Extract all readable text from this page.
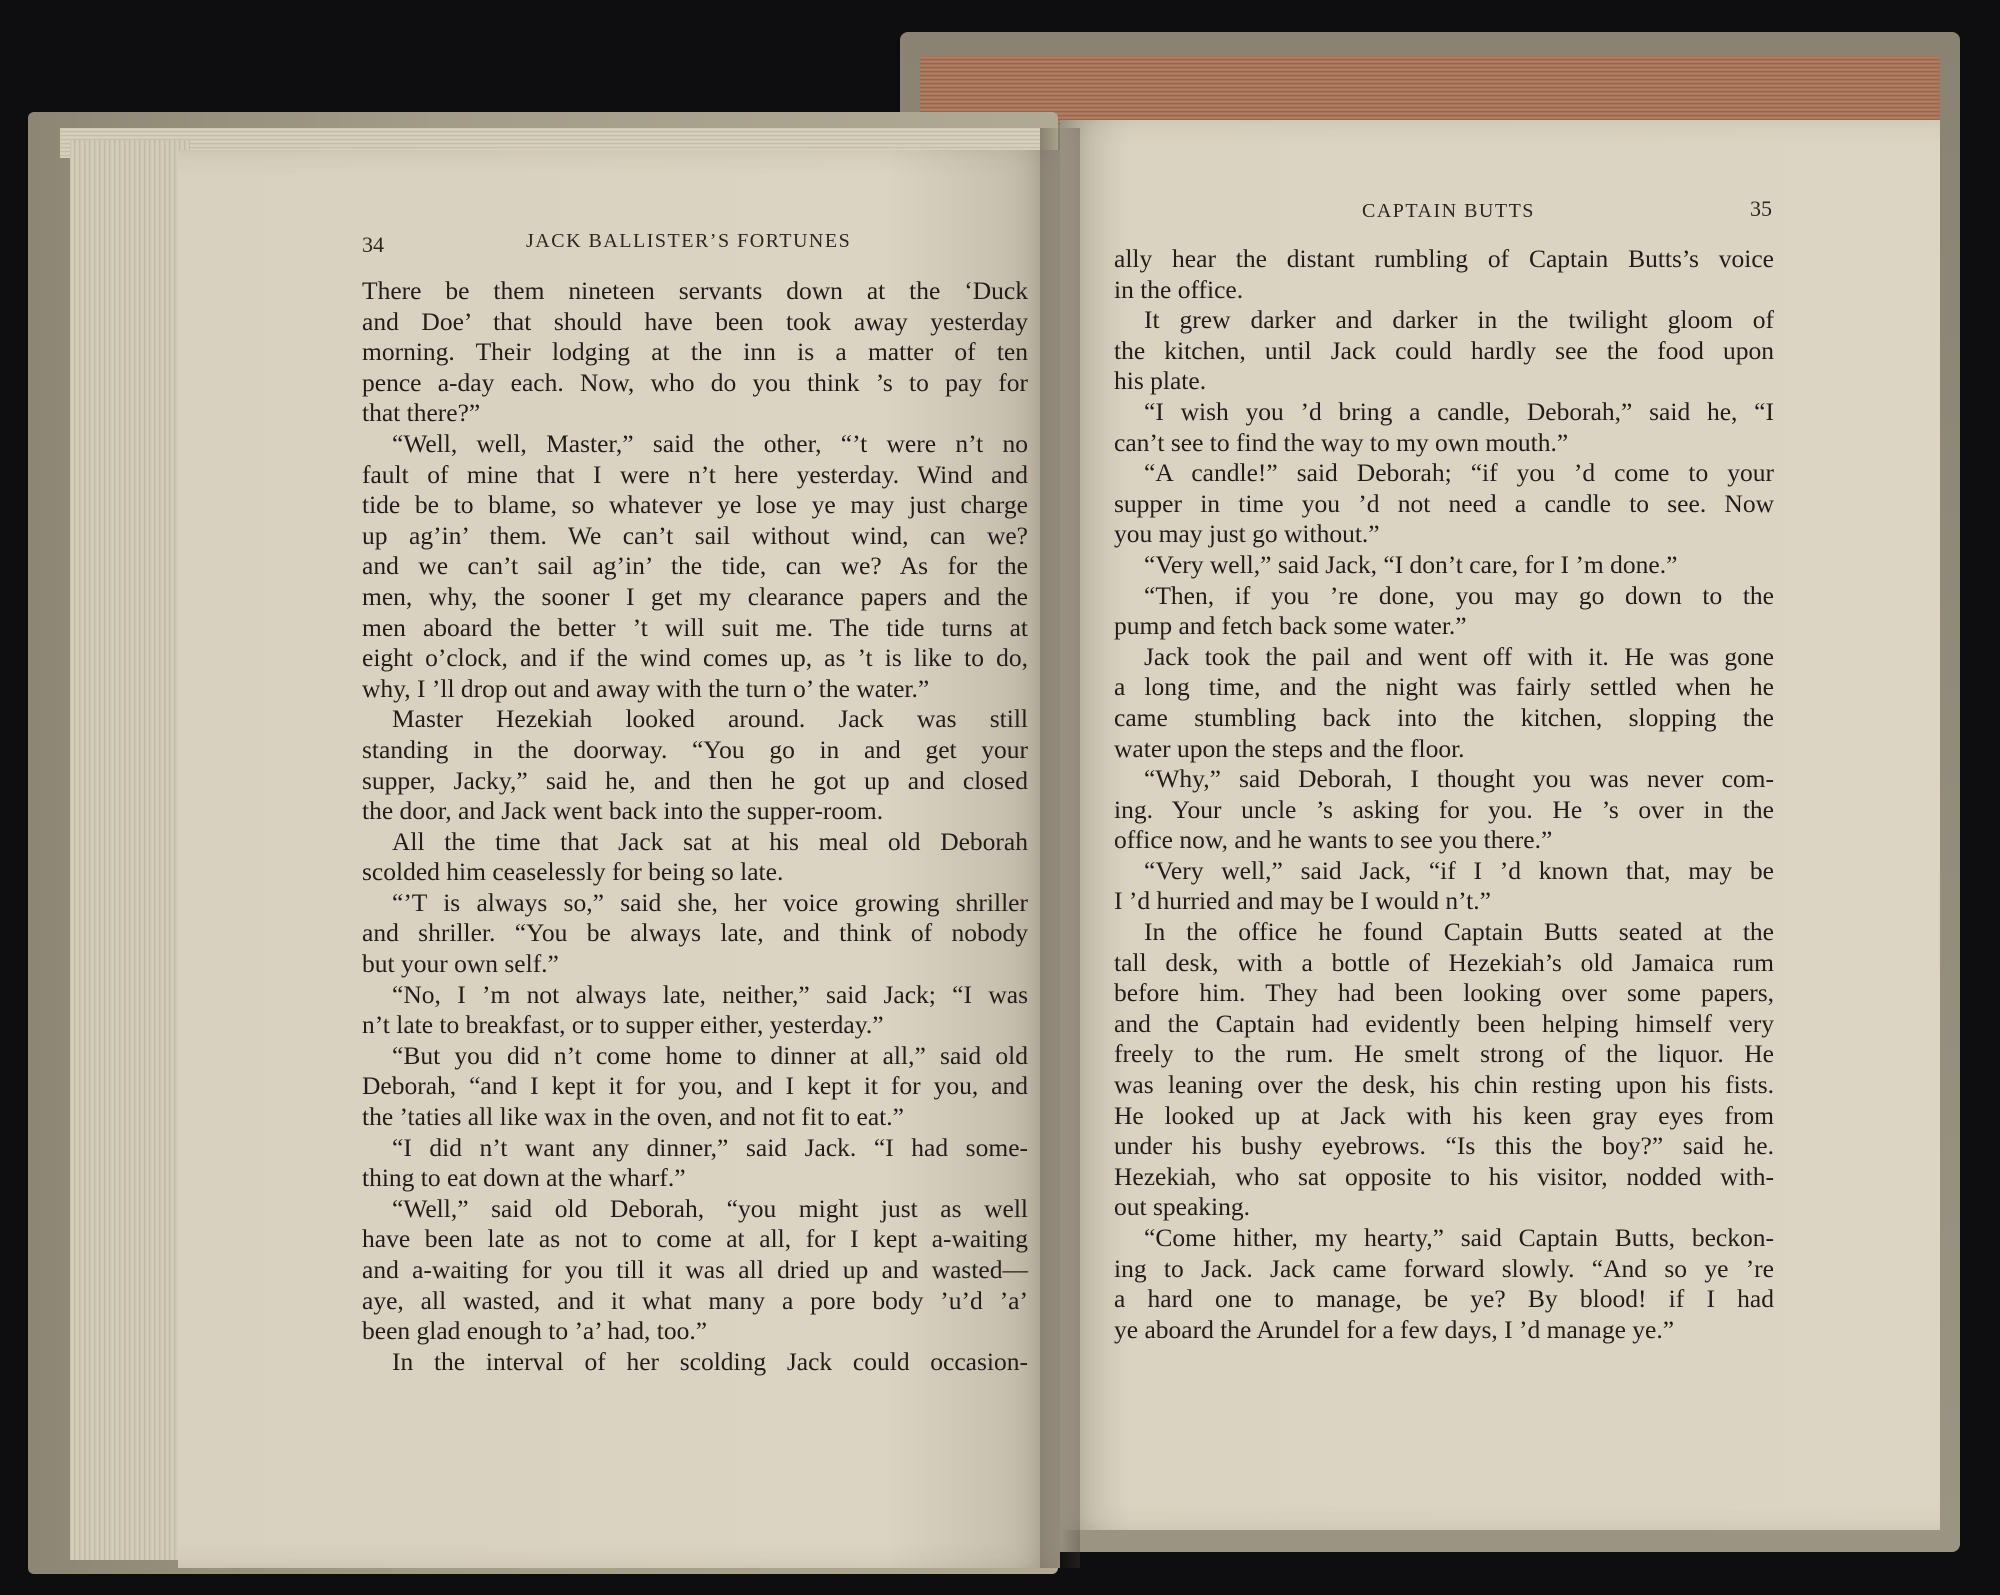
34	JACK BALLISTER’S FORTUNES
CAPTAIN BUTTS	35
There be them nineteen servants down at the ‘Duck
and Doe’ that should have been took away yesterday
morning. Their lodging at the inn is a matter of ten
pence a-day each. Now, who do you think ’s to pay for
that there?”
“Well, well, Master,” said the other, “’t were n’t no
fault of mine that I were n’t here yesterday. Wind and
tide be to blame, so whatever ye lose ye may just charge
up ag’in’ them. We can’t sail without wind, can we?
and we can’t sail ag’in’ the tide, can we? As for the
men, why, the sooner I get my clearance papers and the
men aboard the better ’t will suit me. The tide turns at
eight o’clock, and if the wind comes up, as ’t is like to do,
why, I ’ll drop out and away with the turn o’ the water.”
Master Hezekiah looked around. Jack was still
standing in the doorway. “You go in and get your
supper, Jacky,” said he, and then he got up and closed
the door, and Jack went back into the supper-room.
All the time that Jack sat at his meal old Deborah
scolded him ceaselessly for being so late.
“’T is always so,” said she, her voice growing shriller
and shriller. “You be always late, and think of nobody
but your own self.”
“No, I ’m not always late, neither,” said Jack; “I was
n’t late to breakfast, or to supper either, yesterday.”
“But you did n’t come home to dinner at all,” said old
Deborah, “and I kept it for you, and I kept it for you, and
the ’taties all like wax in the oven, and not fit to eat.”
“I did n’t want any dinner,” said Jack. “I had some-
thing to eat down at the wharf.”
“Well,” said old Deborah, “you might just as well
have been late as not to come at all, for I kept a-waiting
and a-waiting for you till it was all dried up and wasted—
aye, all wasted, and it what many a pore body ’u’d ’a’
been glad enough to ’a’ had, too.”
In the interval of her scolding Jack could occasion-
ally hear the distant rumbling of Captain Butts’s voice
in the office.
It grew darker and darker in the twilight gloom of
the kitchen, until Jack could hardly see the food upon
his plate.
“I wish you ’d bring a candle, Deborah,” said he, “I
can’t see to find the way to my own mouth.”
“A candle!” said Deborah; “if you ’d come to your
supper in time you ’d not need a candle to see. Now
you may just go without.”
“Very well,” said Jack, “I don’t care, for I ’m done.”
“Then, if you ’re done, you may go down to the
pump and fetch back some water.”
Jack took the pail and went off with it. He was gone
a long time, and the night was fairly settled when he
came stumbling back into the kitchen, slopping the
water upon the steps and the floor.
“Why,” said Deborah, I thought you was never com-
ing. Your uncle ’s asking for you. He ’s over in the
office now, and he wants to see you there.”
“Very well,” said Jack, “if I ’d known that, may be
I ’d hurried and may be I would n’t.”
In the office he found Captain Butts seated at the
tall desk, with a bottle of Hezekiah’s old Jamaica rum
before him. They had been looking over some papers,
and the Captain had evidently been helping himself very
freely to the rum. He smelt strong of the liquor. He
was leaning over the desk, his chin resting upon his fists.
He looked up at Jack with his keen gray eyes from
under his bushy eyebrows. “Is this the boy?” said he.
Hezekiah, who sat opposite to his visitor, nodded with-
out speaking.
“Come hither, my hearty,” said Captain Butts, beckon-
ing to Jack. Jack came forward slowly. “And so ye ’re
a hard one to manage, be ye? By blood! if I had
ye aboard the Arundel for a few days, I ’d manage ye.”
